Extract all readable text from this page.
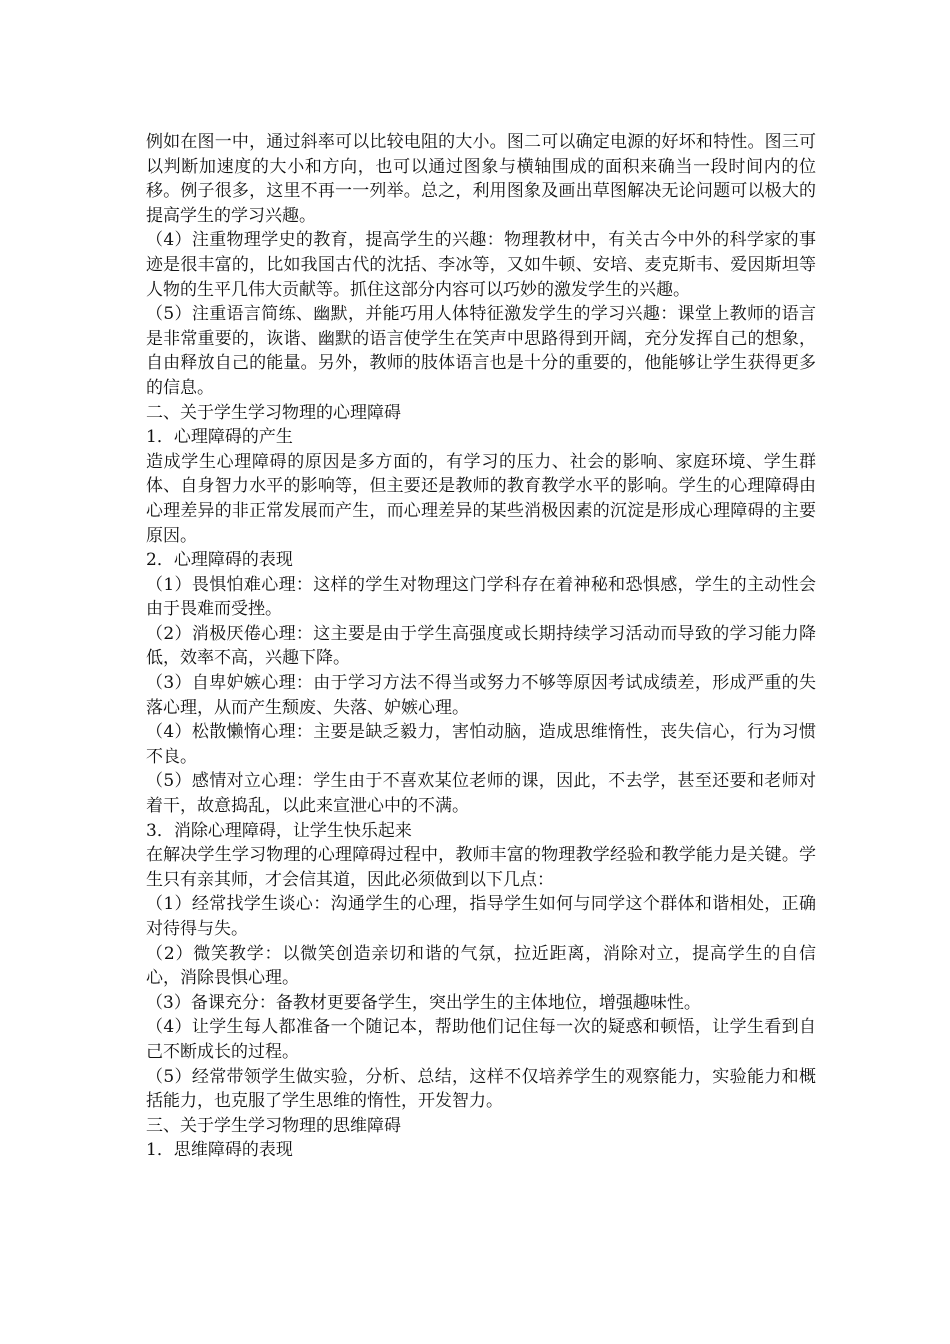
例如在图一中，通过斜率可以比较电阻的大小。图二可以确定电源的好坏和特性。图三可以判断加速度的大小和方向，也可以通过图象与横轴围成的面积来确当一段时间内的位移。例子很多，这里不再一一列举。总之，利用图象及画出草图解决无论问题可以极大的提高学生的学习兴趣。

（4）注重物理学史的教育，提高学生的兴趣：物理教材中，有关古今中外的科学家的事迹是很丰富的，比如我国古代的沈括、李冰等，又如牛顿、安培、麦克斯韦、爱因斯坦等人物的生平几伟大贡献等。抓住这部分内容可以巧妙的激发学生的兴趣。

（5）注重语言简练、幽默，并能巧用人体特征激发学生的学习兴趣：课堂上教师的语言是非常重要的，诙谐、幽默的语言使学生在笑声中思路得到开阔，充分发挥自己的想象，自由释放自己的能量。另外，教师的肢体语言也是十分的重要的，他能够让学生获得更多的信息。

二、关于学生学习物理的心理障碍

1．心理障碍的产生

造成学生心理障碍的原因是多方面的，有学习的压力、社会的影响、家庭环境、学生群体、自身智力水平的影响等，但主要还是教师的教育教学水平的影响。学生的心理障碍由心理差异的非正常发展而产生，而心理差异的某些消极因素的沉淀是形成心理障碍的主要原因。

2．心理障碍的表现

（1）畏惧怕难心理：这样的学生对物理这门学科存在着神秘和恐惧感，学生的主动性会由于畏难而受挫。

（2）消极厌倦心理：这主要是由于学生高强度或长期持续学习活动而导致的学习能力降低，效率不高，兴趣下降。

（3）自卑妒嫉心理：由于学习方法不得当或努力不够等原因考试成绩差，形成严重的失落心理，从而产生颓废、失落、妒嫉心理。

（4）松散懒惰心理：主要是缺乏毅力，害怕动脑，造成思维惰性，丧失信心，行为习惯不良。

（5）感情对立心理：学生由于不喜欢某位老师的课，因此，不去学，甚至还要和老师对着干，故意捣乱，以此来宣泄心中的不满。

3．消除心理障碍，让学生快乐起来

在解决学生学习物理的心理障碍过程中，教师丰富的物理教学经验和教学能力是关键。学生只有亲其师，才会信其道，因此必须做到以下几点：

（1）经常找学生谈心：沟通学生的心理，指导学生如何与同学这个群体和谐相处，正确对待得与失。

（2）微笑教学：以微笑创造亲切和谐的气氛，拉近距离，消除对立，提高学生的自信心，消除畏惧心理。

（3）备课充分：备教材更要备学生，突出学生的主体地位，增强趣味性。

（4）让学生每人都准备一个随记本，帮助他们记住每一次的疑惑和顿悟，让学生看到自己不断成长的过程。

（5）经常带领学生做实验，分析、总结，这样不仅培养学生的观察能力，实验能力和概括能力，也克服了学生思维的惰性，开发智力。

三、关于学生学习物理的思维障碍

1．思维障碍的表现
